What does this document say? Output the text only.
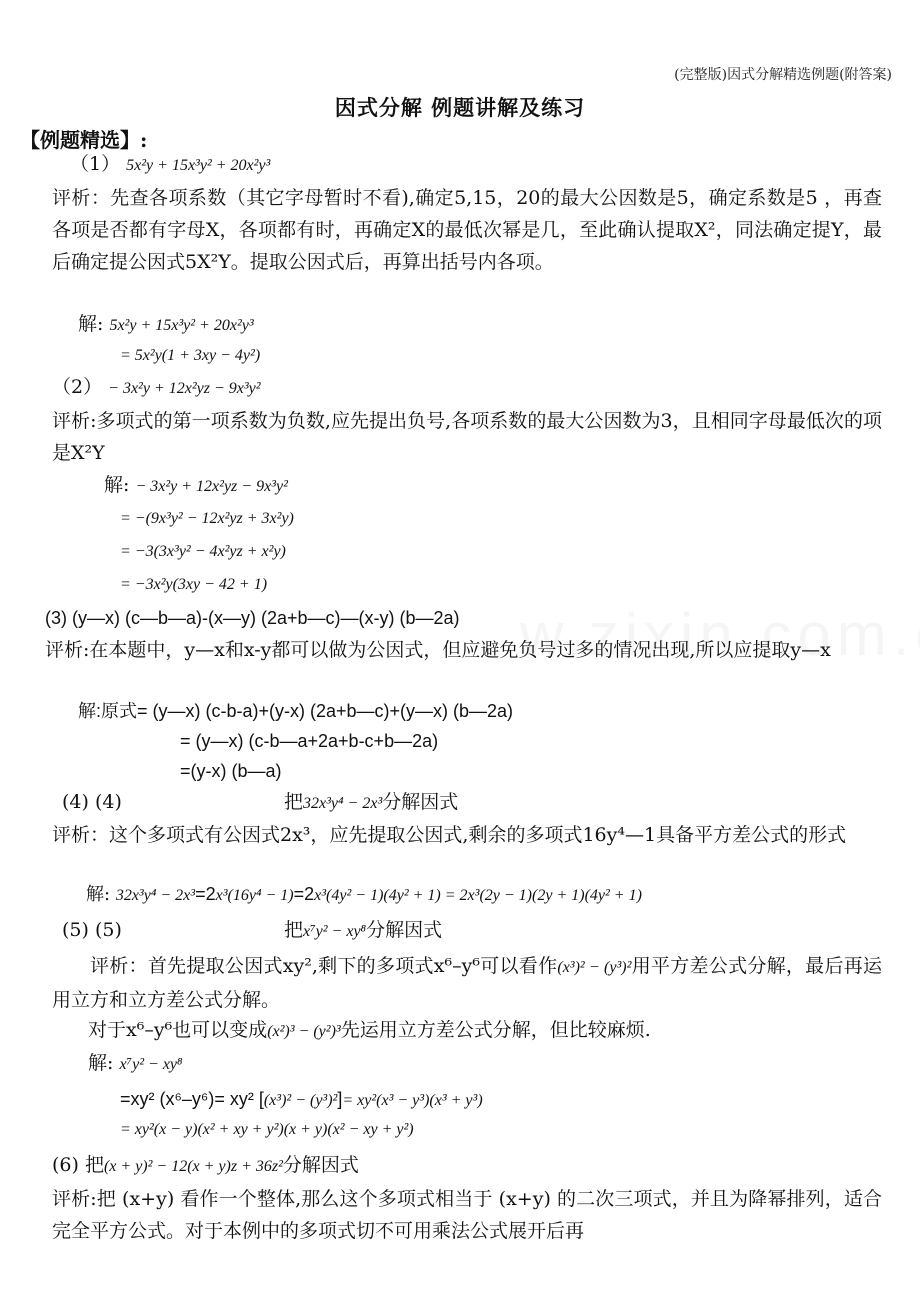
(完整版)因式分解精选例题(附答案)
因式分解 例题讲解及练习
【例题精选】:
（1） 5x²y + 15x³y² + 20x²y³
评析：先查各项系数（其它字母暂时不看),确定5,15，20的最大公因数是5，确定系数是5 ，再查各项是否都有字母X，各项都有时，再确定X的最低次幂是几，至此确认提取X²，同法确定提Y，最后确定提公因式5X²Y。提取公因式后，再算出括号内各项。
解: 5x²y + 15x³y² + 20x²y³
= 5x²y(1 + 3xy − 4y²)
（2） − 3x²y + 12x²yz − 9x³y²
评析:多项式的第一项系数为负数,应先提出负号,各项系数的最大公因数为3，且相同字母最低次的项是X²Y
解: − 3x²y + 12x²yz − 9x³y²
= −(9x³y² − 12x²yz + 3x²y)
= −3(3x³y² − 4x²yz + x²y)
= −3x²y(3xy − 42 + 1)
(3) (y—x) (c—b—a)-(x—y) (2a+b—c)—(x-y) (b—2a)
评析:在本题中，y—x和x-y都可以做为公因式，但应避免负号过多的情况出现,所以应提取y—x
解:原式= (y—x) (c-b-a)+(y-x) (2a+b—c)+(y—x) (b—2a)
= (y—x) (c-b—a+2a+b-c+b—2a)
=(y-x) (b—a)
(4) (4)	把32x³y⁴ − 2x³分解因式
评析：这个多项式有公因式2x³，应先提取公因式,剩余的多项式16y⁴—1具备平方差公式的形式
解: 32x³y⁴ − 2x³=2x³(16y⁴ − 1)=2x³(4y² − 1)(4y² + 1) = 2x³(2y − 1)(2y + 1)(4y² + 1)
(5) (5)	把x⁷y² − xy⁸分解因式
评析：首先提取公因式xy²,剩下的多项式x⁶–y⁶可以看作(x³)² − (y³)²用平方差公式分解，最后再运用立方和立方差公式分解。
对于x⁶–y⁶也可以变成(x²)³ − (y²)³先运用立方差公式分解，但比较麻烦.
解: x⁷y² − xy⁸
=xy² (x⁶–y⁶)= xy² [(x³)² − (y³)²]= xy²(x³ − y³)(x³ + y³)
= xy²(x − y)(x² + xy + y²)(x + y)(x² − xy + y²)
(6) 把(x + y)² − 12(x + y)z + 36z²分解因式
评析:把 (x+y) 看作一个整体,那么这个多项式相当于 (x+y) 的二次三项式，并且为降幂排列，适合完全平方公式。对于本例中的多项式切不可用乘法公式展开后再
